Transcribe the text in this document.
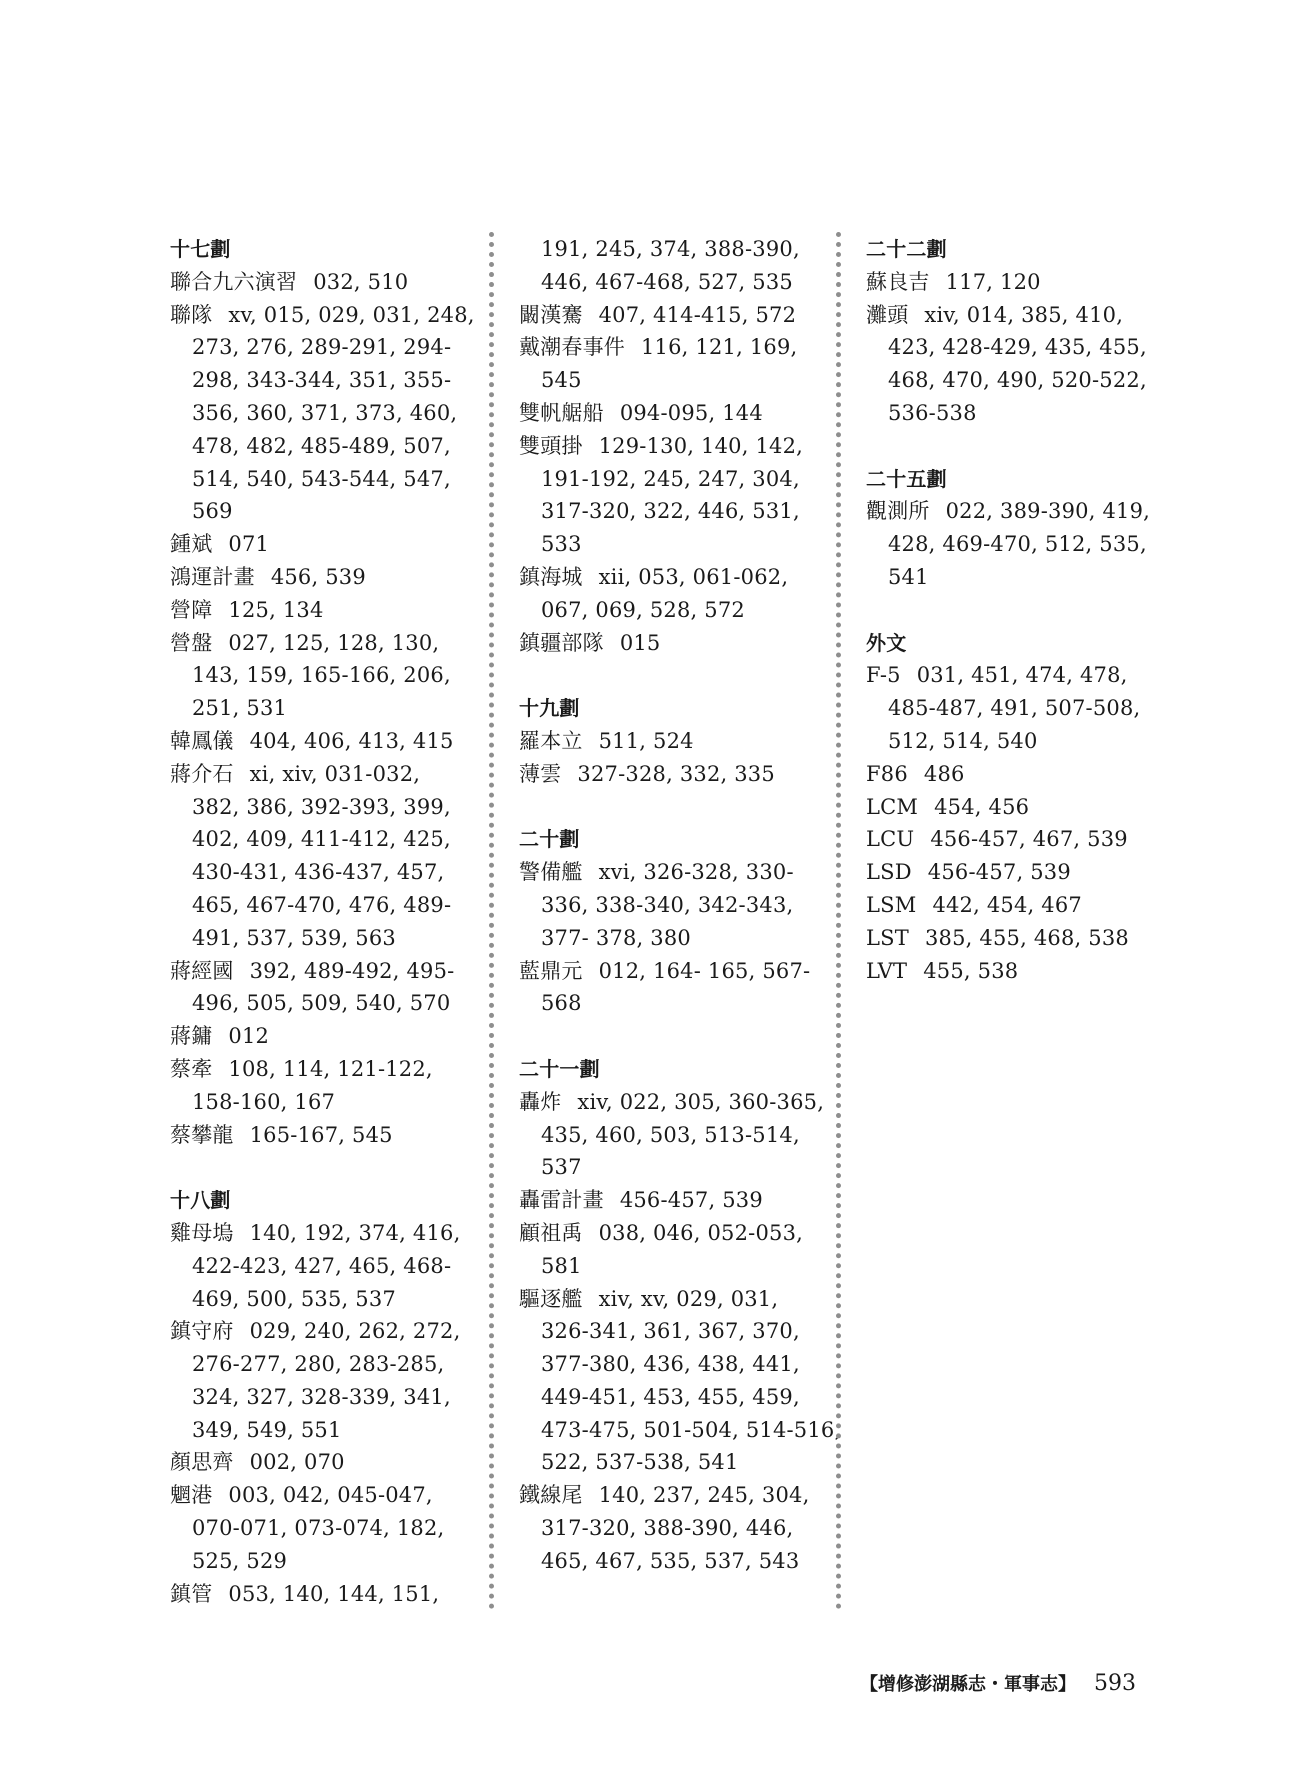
十七劃
聯合九六演習 032, 510
聯隊 xv, 015, 029, 031, 248,
273, 276, 289-291, 294-
298, 343-344, 351, 355-
356, 360, 371, 373, 460,
478, 482, 485-489, 507,
514, 540, 543-544, 547,
569
鍾斌 071
鴻運計畫 456, 539
營障 125, 134
營盤 027, 125, 128, 130,
143, 159, 165-166, 206,
251, 531
韓鳳儀 404, 406, 413, 415
蔣介石 xi, xiv, 031-032,
382, 386, 392-393, 399,
402, 409, 411-412, 425,
430-431, 436-437, 457,
465, 467-470, 476, 489-
491, 537, 539, 563
蔣經國 392, 489-492, 495-
496, 505, 509, 540, 570
蔣鏞 012
蔡牽 108, 114, 121-122,
158-160, 167
蔡攀龍 165-167, 545
十八劃
雞母塢 140, 192, 374, 416,
422-423, 427, 465, 468-
469, 500, 535, 537
鎮守府 029, 240, 262, 272,
276-277, 280, 283-285,
324, 327, 328-339, 341,
349, 549, 551
顏思齊 002, 070
魍港 003, 042, 045-047,
070-071, 073-074, 182,
525, 529
鎮管 053, 140, 144, 151,
191, 245, 374, 388-390,
446, 467-468, 527, 535
闞漢騫 407, 414-415, 572
戴潮春事件 116, 121, 169,
545
雙帆艍船 094-095, 144
雙頭掛 129-130, 140, 142,
191-192, 245, 247, 304,
317-320, 322, 446, 531,
533
鎮海城 xii, 053, 061-062,
067, 069, 528, 572
鎮疆部隊 015
十九劃
羅本立 511, 524
薄雲 327-328, 332, 335
二十劃
警備艦 xvi, 326-328, 330-
336, 338-340, 342-343,
377- 378, 380
藍鼎元 012, 164- 165, 567-
568
二十一劃
轟炸 xiv, 022, 305, 360-365,
435, 460, 503, 513-514,
537
轟雷計畫 456-457, 539
顧祖禹 038, 046, 052-053,
581
驅逐艦 xiv, xv, 029, 031,
326-341, 361, 367, 370,
377-380, 436, 438, 441,
449-451, 453, 455, 459,
473-475, 501-504, 514-516,
522, 537-538, 541
鐵線尾 140, 237, 245, 304,
317-320, 388-390, 446,
465, 467, 535, 537, 543
二十二劃
蘇良吉 117, 120
灘頭 xiv, 014, 385, 410,
423, 428-429, 435, 455,
468, 470, 490, 520-522,
536-538
二十五劃
觀測所 022, 389-390, 419,
428, 469-470, 512, 535,
541
外文
F-5 031, 451, 474, 478,
485-487, 491, 507-508,
512, 514, 540
F86 486
LCM 454, 456
LCU 456-457, 467, 539
LSD 456-457, 539
LSM 442, 454, 467
LST 385, 455, 468, 538
LVT 455, 538
【增修澎湖縣志・軍事志】 593
